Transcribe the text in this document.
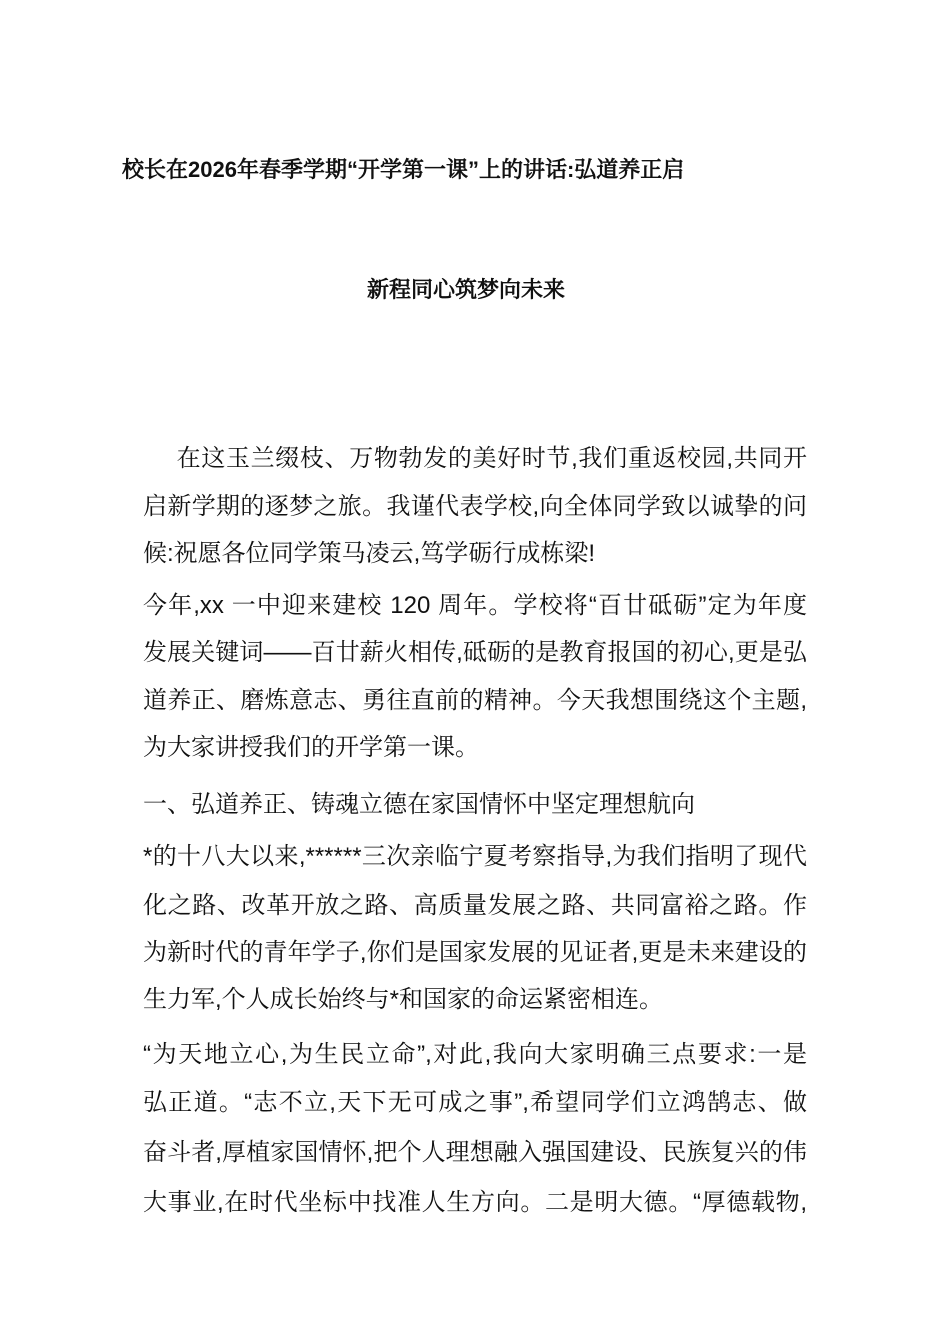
校长在2026年春季学期“开学第一课”上的讲话:弘道养正启
新程同心筑梦向未来
　在这玉兰缀枝、万物勃发的美好时节,我们重返校园,共同开
启新学期的逐梦之旅。我谨代表学校,向全体同学致以诚挚的问
候:祝愿各位同学策马凌云,笃学砺行成栋梁!
今年,xx 一中迎来建校 120 周年。学校将“百廿砥砺”定为年度
发展关键词——百廿薪火相传,砥砺的是教育报国的初心,更是弘
道养正、磨炼意志、勇往直前的精神。今天我想围绕这个主题,
为大家讲授我们的开学第一课。
一、弘道养正、铸魂立德在家国情怀中坚定理想航向
*的十八大以来,******三次亲临宁夏考察指导,为我们指明了现代
化之路、改革开放之路、高质量发展之路、共同富裕之路。作
为新时代的青年学子,你们是国家发展的见证者,更是未来建设的
生力军,个人成长始终与*和国家的命运紧密相连。
“为天地立心,为生民立命”,对此,我向大家明确三点要求:一是
弘正道。“志不立,天下无可成之事”,希望同学们立鸿鹄志、做
奋斗者,厚植家国情怀,把个人理想融入强国建设、民族复兴的伟
大事业,在时代坐标中找准人生方向。二是明大德。“厚德载物,
